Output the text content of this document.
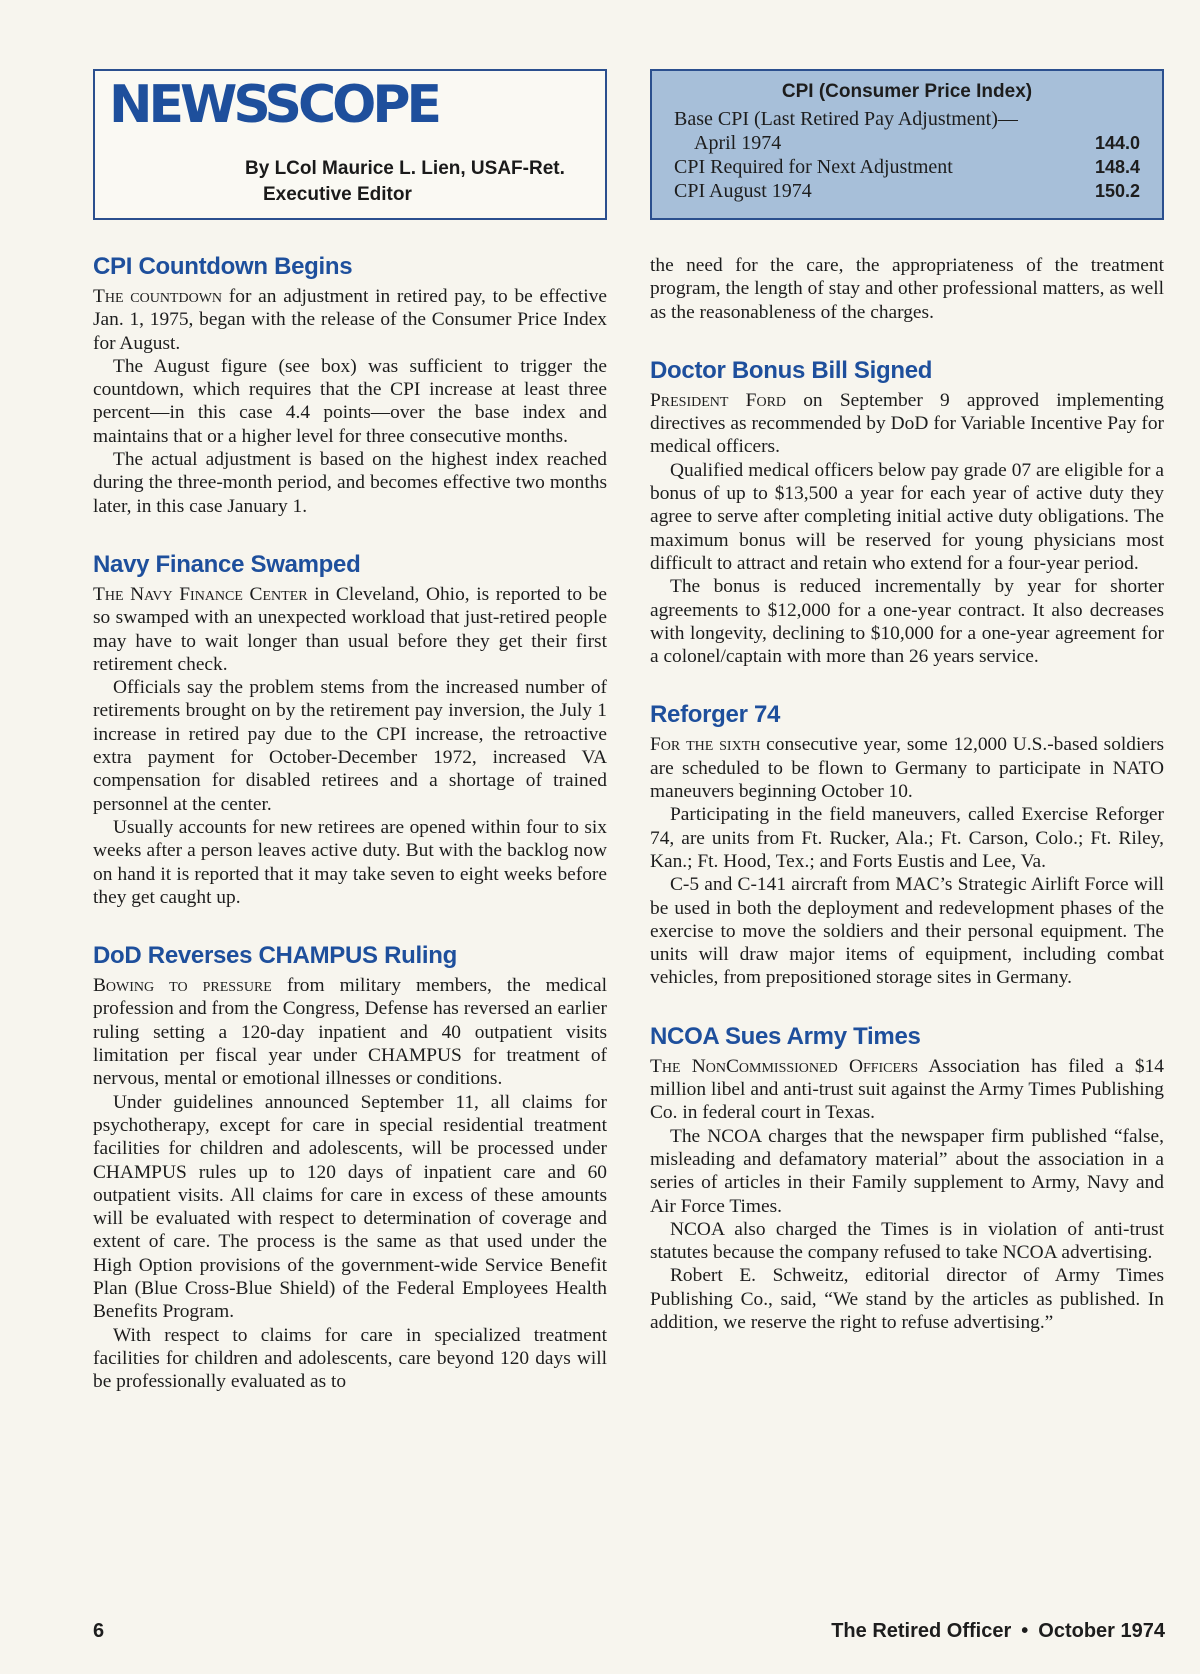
NEWSSCOPE
By LCol Maurice L. Lien, USAF-Ret.
Executive Editor
CPI (Consumer Price Index)
Base CPI (Last Retired Pay Adjustment)—
April 1974	144.0
CPI Required for Next Adjustment	148.4
CPI August 1974	150.2
CPI Countdown Begins

The countdown for an adjustment in retired pay, to be effective Jan. 1, 1975, began with the release of the Consumer Price Index for August.

The August figure (see box) was sufficient to trigger the countdown, which requires that the CPI increase at least three percent—in this case 4.4 points—over the base index and maintains that or a higher level for three consecutive months.

The actual adjustment is based on the highest index reached during the three-month period, and becomes effective two months later, in this case January 1.

Navy Finance Swamped

The Navy Finance Center in Cleveland, Ohio, is reported to be so swamped with an unexpected workload that just-retired people may have to wait longer than usual before they get their first retirement check.

Officials say the problem stems from the increased number of retirements brought on by the retirement pay inversion, the July 1 increase in retired pay due to the CPI increase, the retroactive extra payment for October-December 1972, increased VA compensation for disabled retirees and a shortage of trained personnel at the center.

Usually accounts for new retirees are opened within four to six weeks after a person leaves active duty. But with the backlog now on hand it is reported that it may take seven to eight weeks before they get caught up.

DoD Reverses CHAMPUS Ruling

Bowing to pressure from military members, the medical profession and from the Congress, Defense has reversed an earlier ruling setting a 120-day inpatient and 40 outpatient visits limitation per fiscal year under CHAMPUS for treatment of nervous, mental or emotional illnesses or conditions.

Under guidelines announced September 11, all claims for psychotherapy, except for care in special residential treatment facilities for children and adolescents, will be processed under CHAMPUS rules up to 120 days of inpatient care and 60 outpatient visits. All claims for care in excess of these amounts will be evaluated with respect to determination of coverage and extent of care. The process is the same as that used under the High Option provisions of the government-wide Service Benefit Plan (Blue Cross-Blue Shield) of the Federal Employees Health Benefits Program.

With respect to claims for care in specialized treatment facilities for children and adolescents, care beyond 120 days will be professionally evaluated as to

the need for the care, the appropriateness of the treatment program, the length of stay and other professional matters, as well as the reasonableness of the charges.

Doctor Bonus Bill Signed

President Ford on September 9 approved implementing directives as recommended by DoD for Variable Incentive Pay for medical officers.

Qualified medical officers below pay grade 07 are eligible for a bonus of up to $13,500 a year for each year of active duty they agree to serve after completing initial active duty obligations. The maximum bonus will be reserved for young physicians most difficult to attract and retain who extend for a four-year period.

The bonus is reduced incrementally by year for shorter agreements to $12,000 for a one-year contract. It also decreases with longevity, declining to $10,000 for a one-year agreement for a colonel/captain with more than 26 years service.

Reforger 74

For the sixth consecutive year, some 12,000 U.S.-based soldiers are scheduled to be flown to Germany to participate in NATO maneuvers beginning October 10.

Participating in the field maneuvers, called Exercise Reforger 74, are units from Ft. Rucker, Ala.; Ft. Carson, Colo.; Ft. Riley, Kan.; Ft. Hood, Tex.; and Forts Eustis and Lee, Va.

C-5 and C-141 aircraft from MAC’s Strategic Airlift Force will be used in both the deployment and redevelopment phases of the exercise to move the soldiers and their personal equipment. The units will draw major items of equipment, including combat vehicles, from prepositioned storage sites in Germany.

NCOA Sues Army Times

The NonCommissioned Officers Association has filed a $14 million libel and anti-trust suit against the Army Times Publishing Co. in federal court in Texas.

The NCOA charges that the newspaper firm published “false, misleading and defamatory material” about the association in a series of articles in their Family supplement to Army, Navy and Air Force Times.

NCOA also charged the Times is in violation of anti-trust statutes because the company refused to take NCOA advertising.

Robert E. Schweitz, editorial director of Army Times Publishing Co., said, “We stand by the articles as published. In addition, we reserve the right to refuse advertising.”

6	The Retired Officer • October 1974
